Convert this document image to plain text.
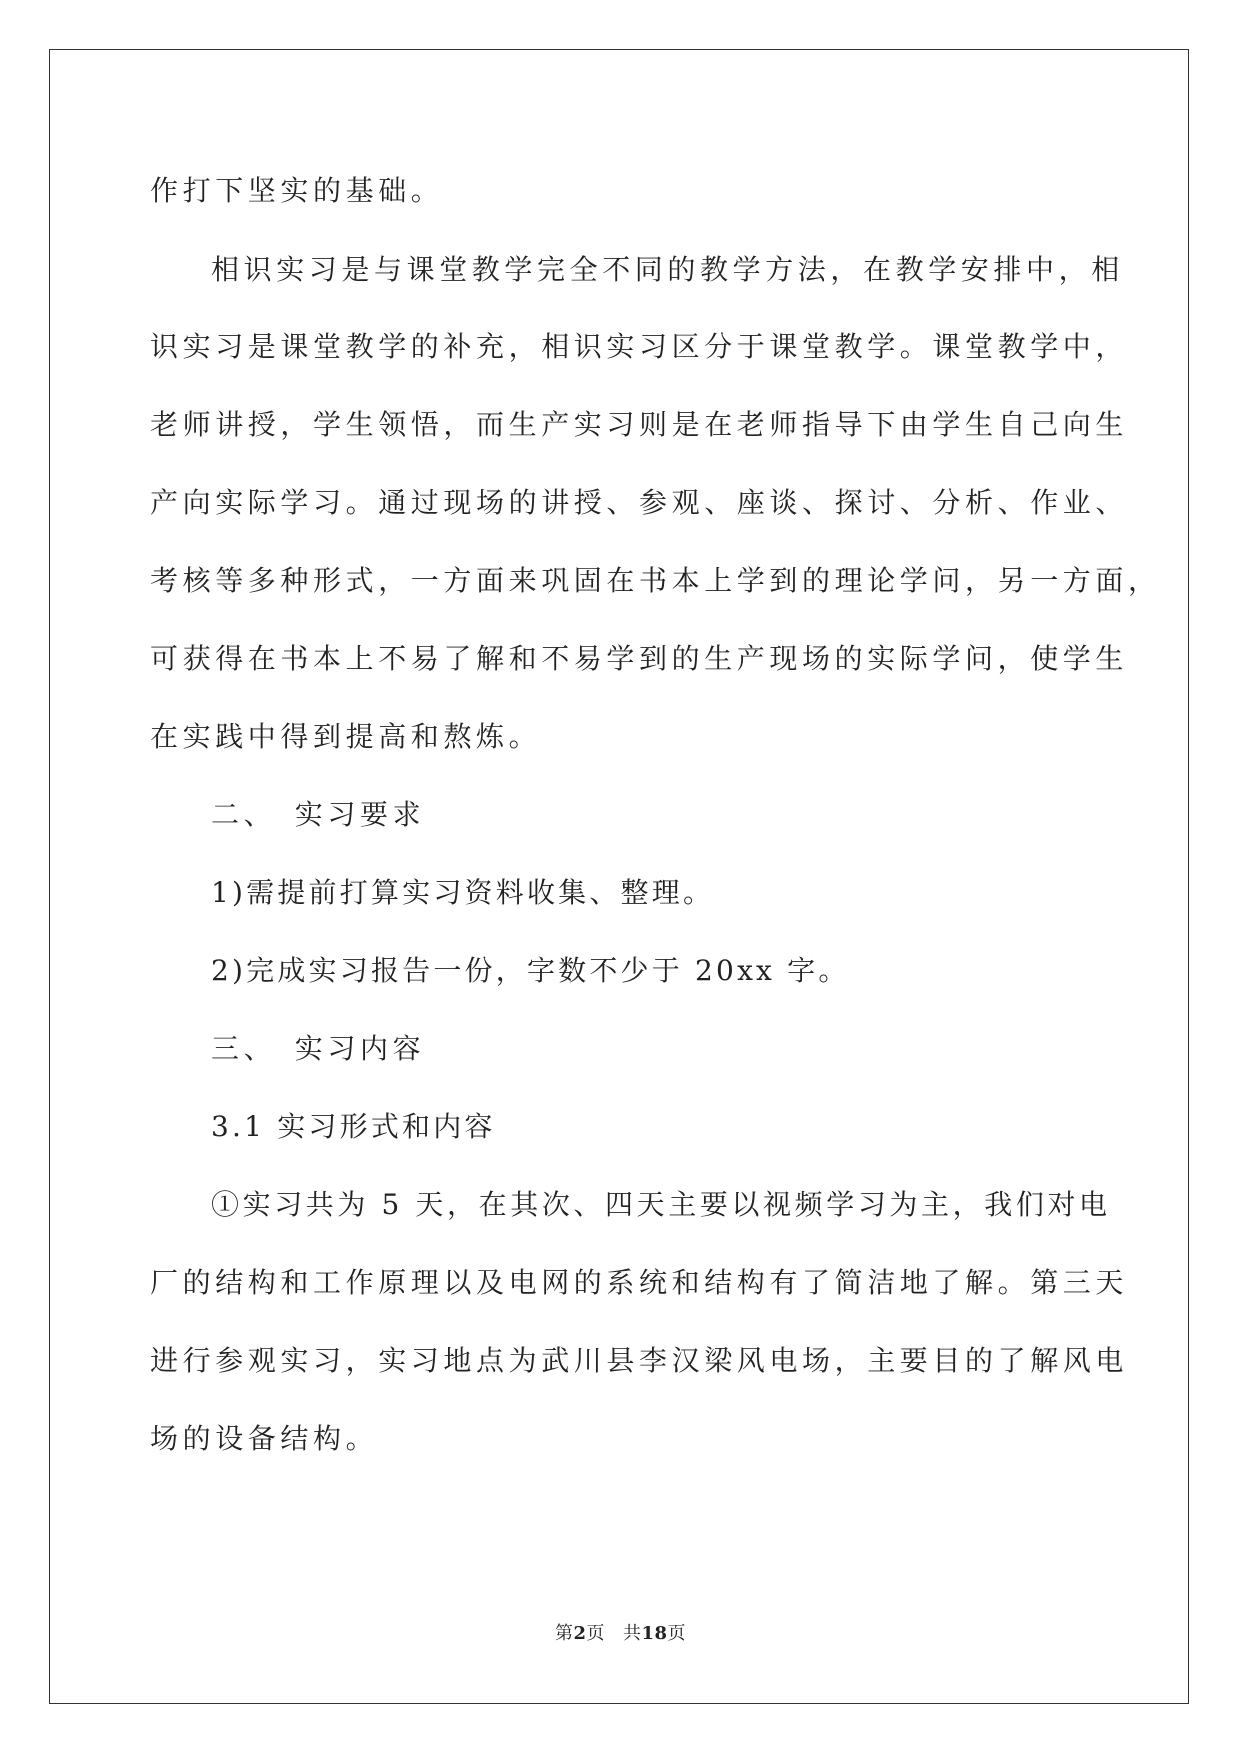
作打下坚实的基础。
相识实习是与课堂教学完全不同的教学方法，在教学安排中，相
识实习是课堂教学的补充，相识实习区分于课堂教学。课堂教学中，
老师讲授，学生领悟，而生产实习则是在老师指导下由学生自己向生
产向实际学习。通过现场的讲授、参观、座谈、探讨、分析、作业、
考核等多种形式，一方面来巩固在书本上学到的理论学问，另一方面，
可获得在书本上不易了解和不易学到的生产现场的实际学问，使学生
在实践中得到提高和熬炼。
二、　实习要求
1)需提前打算实习资料收集、整理。
2)完成实习报告一份，字数不少于 20xx 字。
三、　实习内容
3.1 实习形式和内容
①实习共为 5 天，在其次、四天主要以视频学习为主，我们对电
厂的结构和工作原理以及电网的系统和结构有了简洁地了解。第三天
进行参观实习，实习地点为武川县李汉梁风电场，主要目的了解风电
场的设备结构。
第2页 共18页
